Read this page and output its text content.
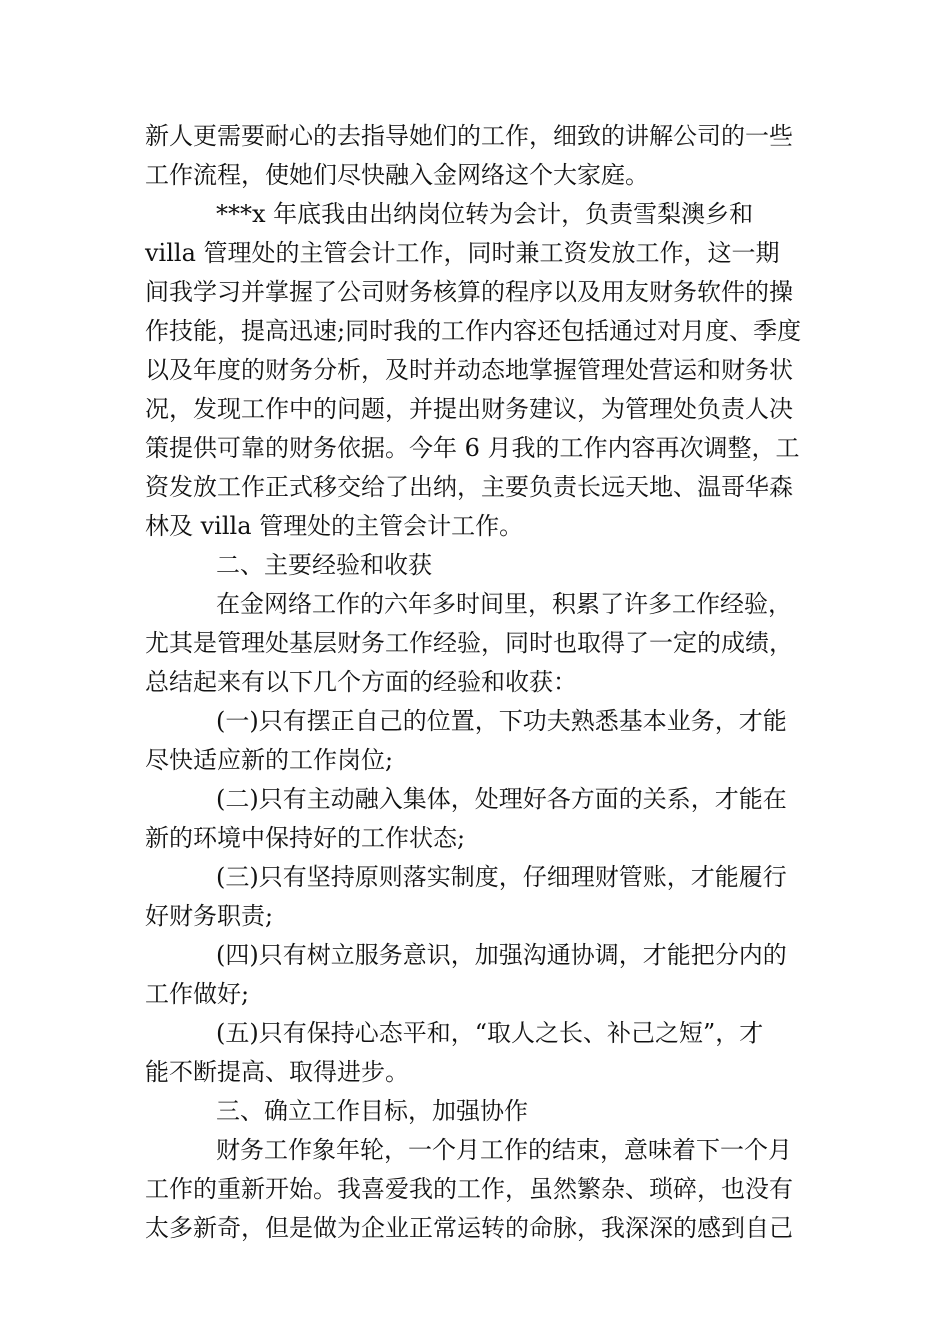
新人更需要耐心的去指导她们的工作，细致的讲解公司的一些
工作流程，使她们尽快融入金网络这个大家庭。
***x 年底我由出纳岗位转为会计，负责雪梨澳乡和
villa 管理处的主管会计工作，同时兼工资发放工作，这一期
间我学习并掌握了公司财务核算的程序以及用友财务软件的操
作技能，提高迅速;同时我的工作内容还包括通过对月度、季度
以及年度的财务分析，及时并动态地掌握管理处营运和财务状
况，发现工作中的问题，并提出财务建议，为管理处负责人决
策提供可靠的财务依据。今年 6 月我的工作内容再次调整，工
资发放工作正式移交给了出纳，主要负责长远天地、温哥华森
林及 villa 管理处的主管会计工作。
二、主要经验和收获
在金网络工作的六年多时间里，积累了许多工作经验，
尤其是管理处基层财务工作经验，同时也取得了一定的成绩，
总结起来有以下几个方面的经验和收获：
(一)只有摆正自己的位置，下功夫熟悉基本业务，才能
尽快适应新的工作岗位;
(二)只有主动融入集体，处理好各方面的关系，才能在
新的环境中保持好的工作状态;
(三)只有坚持原则落实制度，仔细理财管账，才能履行
好财务职责;
(四)只有树立服务意识，加强沟通协调，才能把分内的
工作做好;
(五)只有保持心态平和，“取人之长、补己之短”，才
能不断提高、取得进步。
三、确立工作目标，加强协作
财务工作象年轮，一个月工作的结束，意味着下一个月
工作的重新开始。我喜爱我的工作，虽然繁杂、琐碎，也没有
太多新奇，但是做为企业正常运转的命脉，我深深的感到自己
